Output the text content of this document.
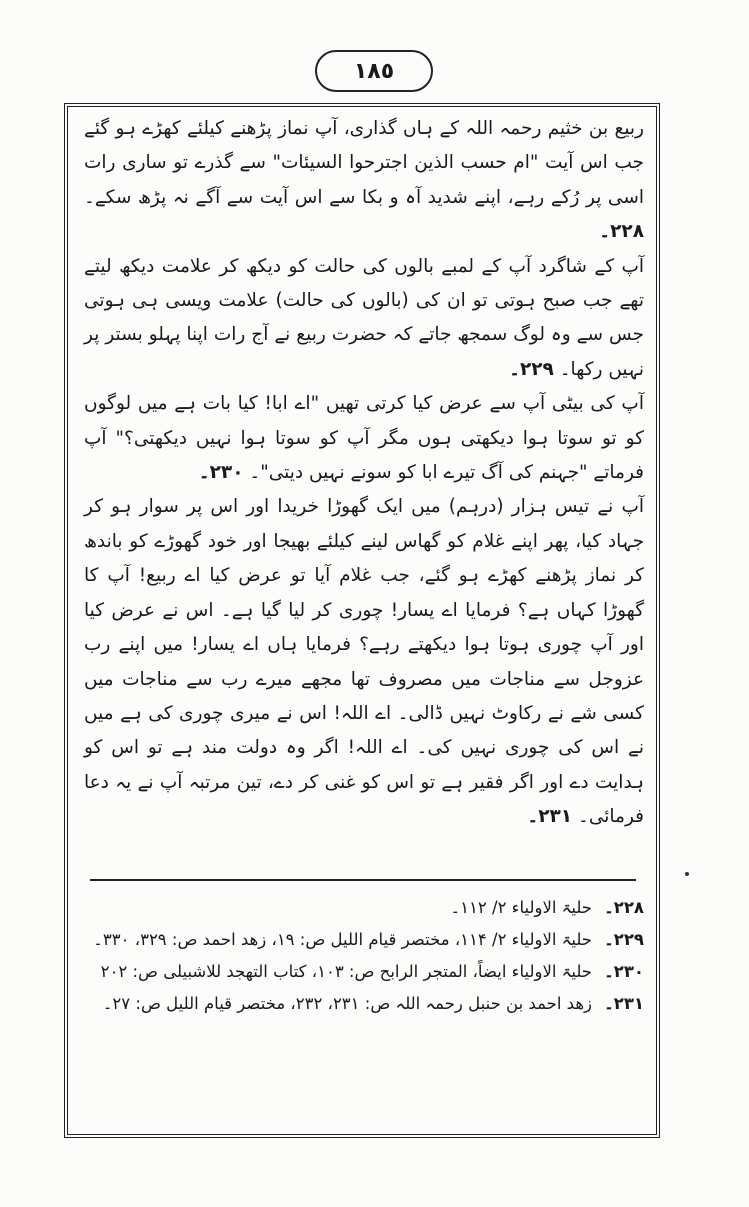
١٨٥

ربیع بن خثیم رحمہ اللہ کے ہاں گذاری، آپ نماز پڑھنے کیلئے کھڑے ہو گئے جب اس آیت "ام حسب الذین اجترحوا السیئات" سے گذرے تو ساری رات اسی پر رُکے رہے، اپنے شدید آہ و بکا سے اس آیت سے آگے نہ پڑھ سکے۔ ۲۲۸۔

آپ کے شاگرد آپ کے لمبے بالوں کی حالت کو دیکھ کر علامت دیکھ لیتے تھے جب صبح ہوتی تو ان کی (بالوں کی حالت) علامت ویسی ہی ہوتی جس سے وہ لوگ سمجھ جاتے کہ حضرت ربیع نے آج رات اپنا پہلو بستر پر نہیں رکھا۔ ۲۲۹۔

آپ کی بیٹی آپ سے عرض کیا کرتی تھیں "اے ابا! کیا بات ہے میں لوگوں کو تو سوتا ہوا دیکھتی ہوں مگر آپ کو سوتا ہوا نہیں دیکھتی؟" آپ فرماتے "جہنم کی آگ تیرے ابا کو سونے نہیں دیتی"۔ ۲۳۰۔

آپ نے تیس ہزار (درہم) میں ایک گھوڑا خریدا اور اس پر سوار ہو کر جہاد کیا، پھر اپنے غلام کو گھاس لینے کیلئے بھیجا اور خود گھوڑے کو باندھ کر نماز پڑھنے کھڑے ہو گئے، جب غلام آیا تو عرض کیا اے ربیع! آپ کا گھوڑا کہاں ہے؟ فرمایا اے یسار! چوری کر لیا گیا ہے۔ اس نے عرض کیا اور آپ چوری ہوتا ہوا دیکھتے رہے؟ فرمایا ہاں اے یسار! میں اپنے رب عزوجل سے مناجات میں مصروف تھا مجھے میرے رب سے مناجات میں کسی شے نے رکاوٹ نہیں ڈالی۔ اے اللہ! اس نے میری چوری کی ہے میں نے اس کی چوری نہیں کی۔ اے اللہ! اگر وہ دولت مند ہے تو اس کو ہدایت دے اور اگر فقیر ہے تو اس کو غنی کر دے، تین مرتبہ آپ نے یہ دعا فرمائی۔ ۲۳۱۔

۲۲۸۔
حلیۃ الاولیاء ۲/ ۱۱۲۔
۲۲۹۔
حلیۃ الاولیاء ۲/ ۱۱۴، مختصر قیام اللیل ص: ۱۹، زھد احمد ص: ۳۲۹، ۳۳۰۔
۲۳۰۔
حلیۃ الاولیاء ایضاً، المتجر الرابح ص: ۱۰۳، کتاب التھجد للاشبیلی ص: ۲۰۲
۲۳۱۔
زھد احمد بن حنبل رحمہ اللہ ص: ۲۳۱، ۲۳۲، مختصر قیام اللیل ص: ۲۷۔
